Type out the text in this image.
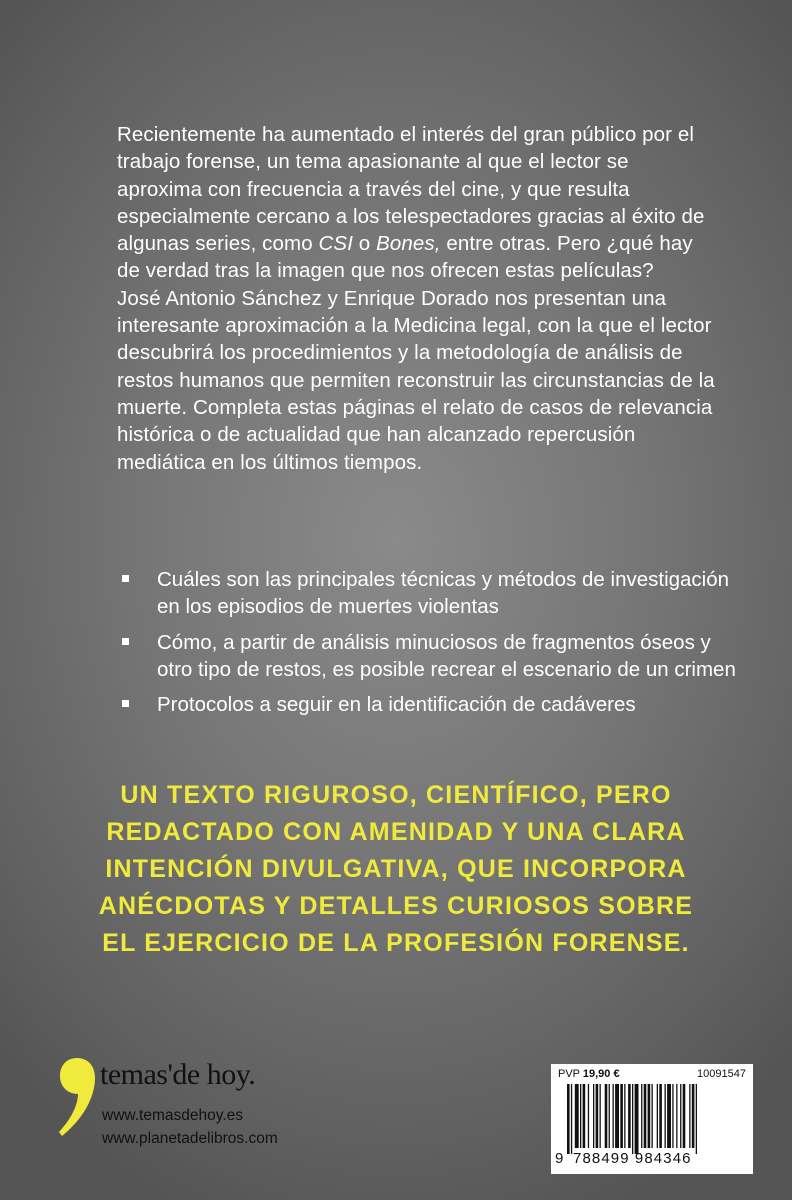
Recientemente ha aumentado el interés del gran público por el trabajo forense, un tema apasionante al que el lector se aproxima con frecuencia a través del cine, y que resulta especialmente cercano a los telespectadores gracias al éxito de algunas series, como CSI o Bones, entre otras. Pero ¿qué hay de verdad tras la imagen que nos ofrecen estas películas?

José Antonio Sánchez y Enrique Dorado nos presentan una interesante aproximación a la Medicina legal, con la que el lector descubrirá los procedimientos y la metodología de análisis de restos humanos que permiten reconstruir las circunstancias de la muerte. Completa estas páginas el relato de casos de relevancia histórica o de actualidad que han alcanzado repercusión mediática en los últimos tiempos.

Cuáles son las principales técnicas y métodos de investigación en los episodios de muertes violentas
Cómo, a partir de análisis minuciosos de fragmentos óseos y otro tipo de restos, es posible recrear el escenario de un crimen
Protocolos a seguir en la identificación de cadáveres
UN TEXTO RIGUROSO, CIENTÍFICO, PERO
REDACTADO CON AMENIDAD Y UNA CLARA
INTENCIÓN DIVULGATIVA, QUE INCORPORA
ANÉCDOTAS Y DETALLES CURIOSOS SOBRE
EL EJERCICIO DE LA PROFESIÓN FORENSE.
temas'de hoy.
www.temasdehoy.es
www.planetadelibros.com
PVP 19,90 €	10091547
9 788499 984346
